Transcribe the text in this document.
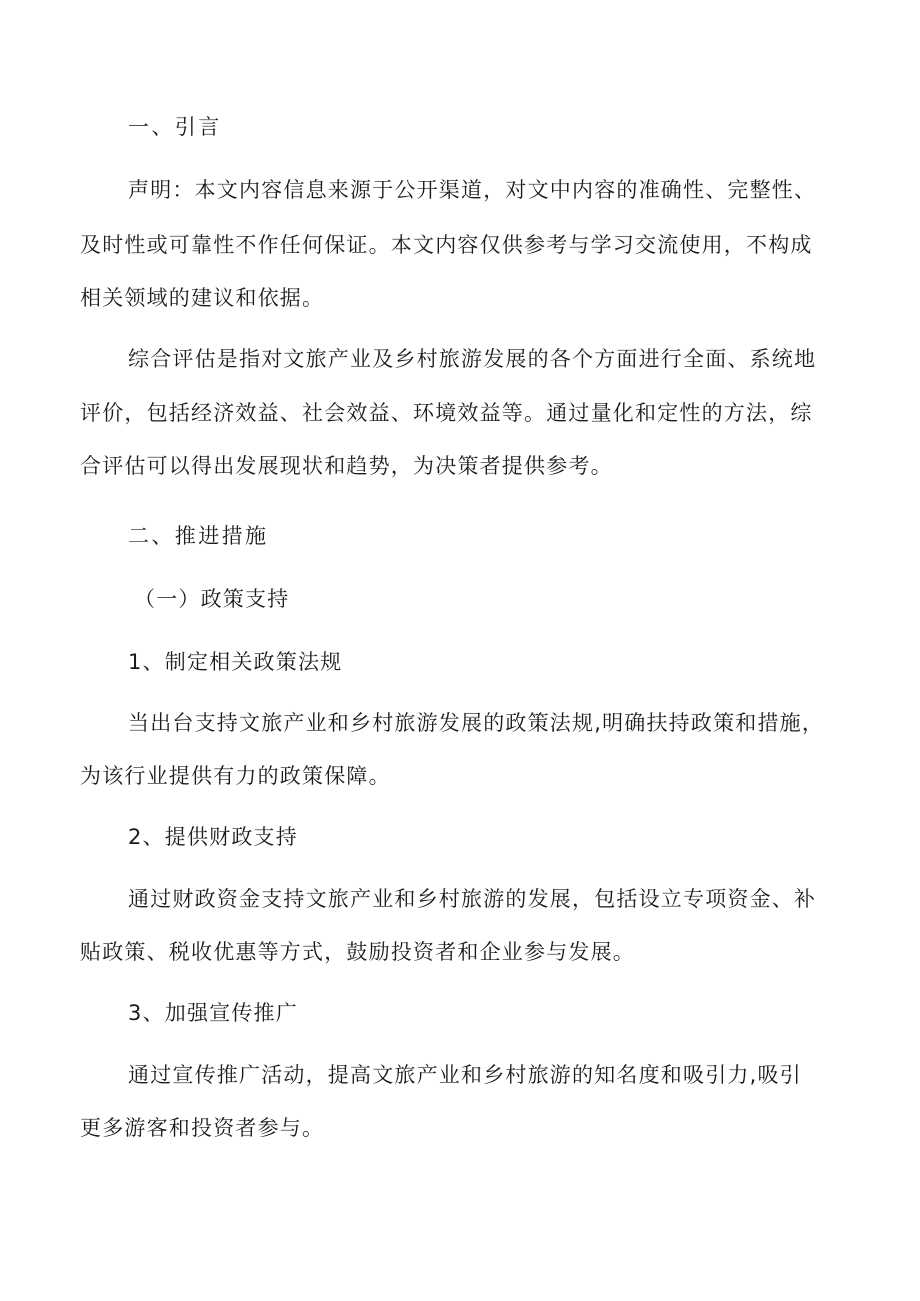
一、引言
声明：本文内容信息来源于公开渠道，对文中内容的准确性、完整性、
及时性或可靠性不作任何保证。本文内容仅供参考与学习交流使用，不构成
相关领域的建议和依据。
综合评估是指对文旅产业及乡村旅游发展的各个方面进行全面、系统地
评价，包括经济效益、社会效益、环境效益等。通过量化和定性的方法，综
合评估可以得出发展现状和趋势，为决策者提供参考。
二、推进措施
（一）政策支持
1、制定相关政策法规
当出台支持文旅产业和乡村旅游发展的政策法规,明确扶持政策和措施，
为该行业提供有力的政策保障。
2、提供财政支持
通过财政资金支持文旅产业和乡村旅游的发展，包括设立专项资金、补
贴政策、税收优惠等方式，鼓励投资者和企业参与发展。
3、加强宣传推广
通过宣传推广活动，提高文旅产业和乡村旅游的知名度和吸引力,吸引
更多游客和投资者参与。
